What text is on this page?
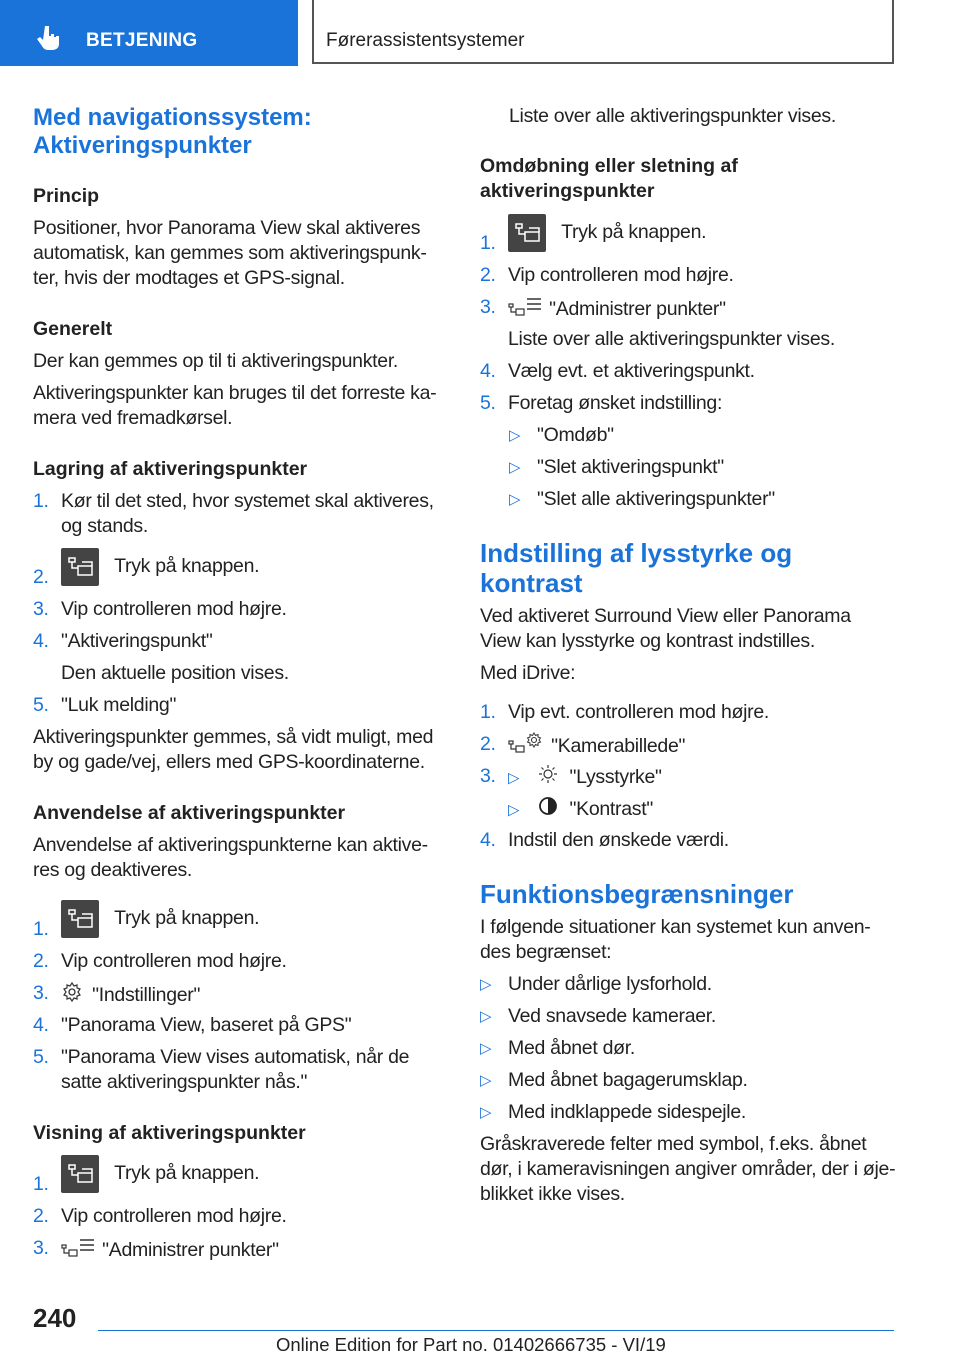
BETJENING	Førerassistentsystemer
Med navigationssystem:
Aktiveringspunkter
Princip
Positioner, hvor Panorama View skal aktiveres
automatisk, kan gemmes som aktiveringspunk‐
ter, hvis der modtages et GPS-signal.
Generelt
Der kan gemmes op til ti aktiveringspunkter.
Aktiveringspunkter kan bruges til det forreste ka‐
mera ved fremadkørsel.
Lagring af aktiveringspunkter
1. Kør til det sted, hvor systemet skal aktiveres,
og stands.
2.	Tryk på knappen.
3. Vip controlleren mod højre.
4. "Aktiveringspunkt"
Den aktuelle position vises.
5. "Luk melding"
Aktiveringspunkter gemmes, så vidt muligt, med
by og gade/vej, ellers med GPS-koordinaterne.
Anvendelse af aktiveringspunkter
Anvendelse af aktiveringspunkterne kan aktive‐
res og deaktiveres.
1.	Tryk på knappen.
2. Vip controlleren mod højre.
3.	"Indstillinger"
4. "Panorama View, baseret på GPS"
5. "Panorama View vises automatisk, når de
satte aktiveringspunkter nås."
Visning af aktiveringspunkter
1.	Tryk på knappen.
2. Vip controlleren mod højre.
3.	"Administrer punkter"
Liste over alle aktiveringspunkter vises.
Omdøbning eller sletning af
aktiveringspunkter
1.	Tryk på knappen.
2. Vip controlleren mod højre.
3.	"Administrer punkter"
Liste over alle aktiveringspunkter vises.
4. Vælg evt. et aktiveringspunkt.
5. Foretag ønsket indstilling:
▷ "Omdøb"
▷ "Slet aktiveringspunkt"
▷ "Slet alle aktiveringspunkter"
Indstilling af lysstyrke og
kontrast
Ved aktiveret Surround View eller Panorama
View kan lysstyrke og kontrast indstilles.
Med iDrive:
1. Vip evt. controlleren mod højre.
2.	"Kamerabillede"
3. ▷	"Lysstyrke"
▷	"Kontrast"
4. Indstil den ønskede værdi.
Funktionsbegrænsninger
I følgende situationer kan systemet kun anven‐
des begrænset:
▷ Under dårlige lysforhold.
▷ Ved snavsede kameraer.
▷ Med åbnet dør.
▷ Med åbnet bagagerumsklap.
▷ Med indklappede sidespejle.
Gråskraverede felter med symbol, f.eks. åbnet
dør, i kameravisningen angiver områder, der i øje‐
blikket ikke vises.
240
Online Edition for Part no. 01402666735 - VI/19
